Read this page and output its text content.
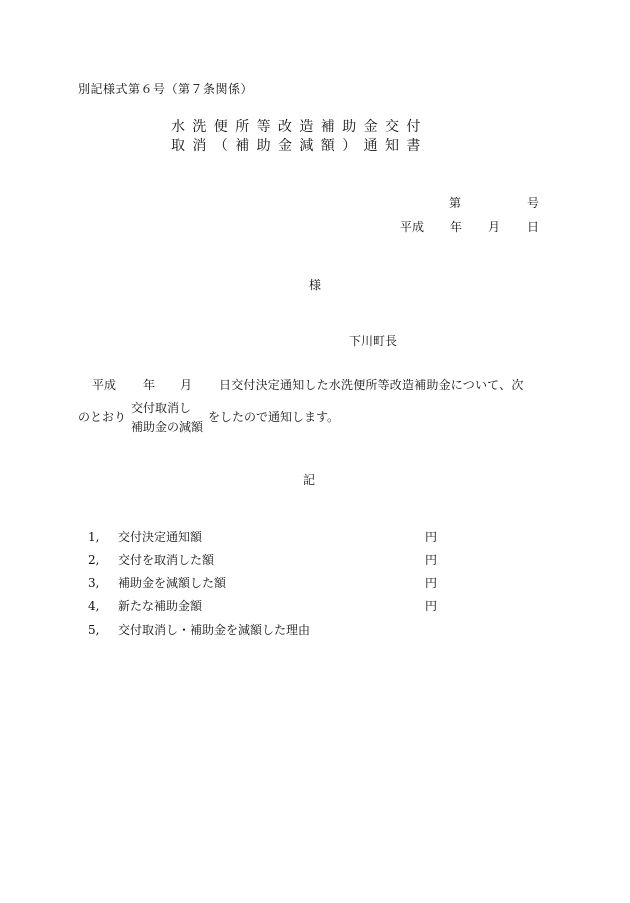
別記様式第６号（第７条関係）
水洗便所等改造補助金交付
取消（補助金減額）通知書
第	号
平成 年 月 日
様
下川町長
平成 年 月 日交付決定通知した水洗便所等改造補助金について、次
のとおり
交付取消し
補助金の減額
をしたので通知します。
記
1, 交付決定通知額	円
2, 交付を取消した額	円
3, 補助金を減額した額	円
4, 新たな補助金額	円
5, 交付取消し・補助金を減額した理由
